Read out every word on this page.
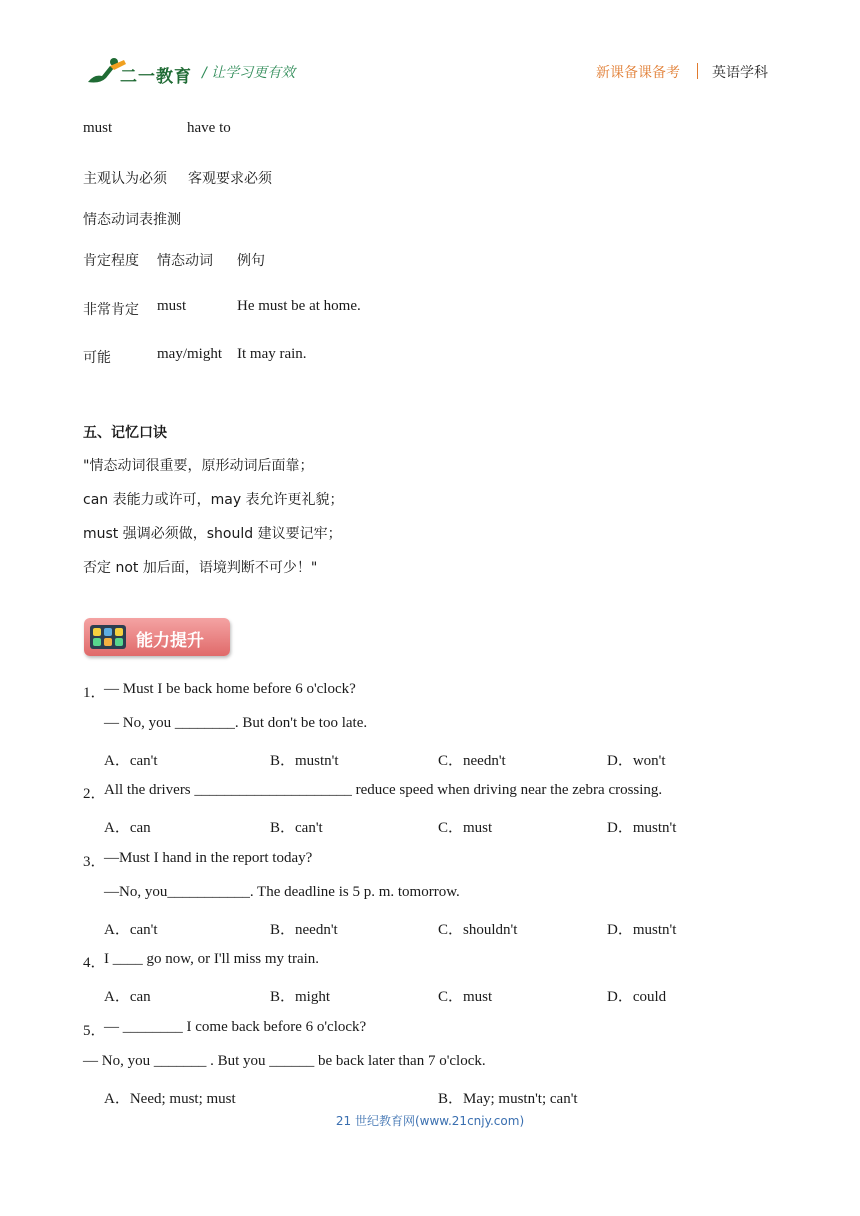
二一教育 / 让学习更有效	新课备课备考 英语学科
must	have to
主观认为必须 客观要求必须
情态动词表推测
肯定程度 情态动词 例句
非常肯定 must	He must be at home.
可能	may/might It may rain.
五、记忆口诀
"情态动词很重要，原形动词后面靠；
can 表能力或许可，may 表允许更礼貌；
must 强调必须做，should 建议要记牢；
否定 not 加后面，语境判断不可少！"
能力提升
1．
— Must I be back home before 6 o'clock?
— No, you ________. But don't be too late.
A．can't	B．mustn't	C．needn't	D．won't
2．
All the drivers _____________________ reduce speed when driving near the zebra crossing.
A．can	B．can't	C．must	D．mustn't
3．
—Must I hand in the report today?
—No, you___________. The deadline is 5 p. m. tomorrow.
A．can't	B．needn't	C．shouldn't	D．mustn't
4．
I ____ go now, or I'll miss my train.
A．can	B．might	C．must	D．could
5．
— ________ I come back before 6 o'clock?
— No, you _______ . But you ______ be back later than 7 o'clock.
A．Need; must; must	B．May; mustn't; can't
21 世纪教育网(www.21cnjy.com)
